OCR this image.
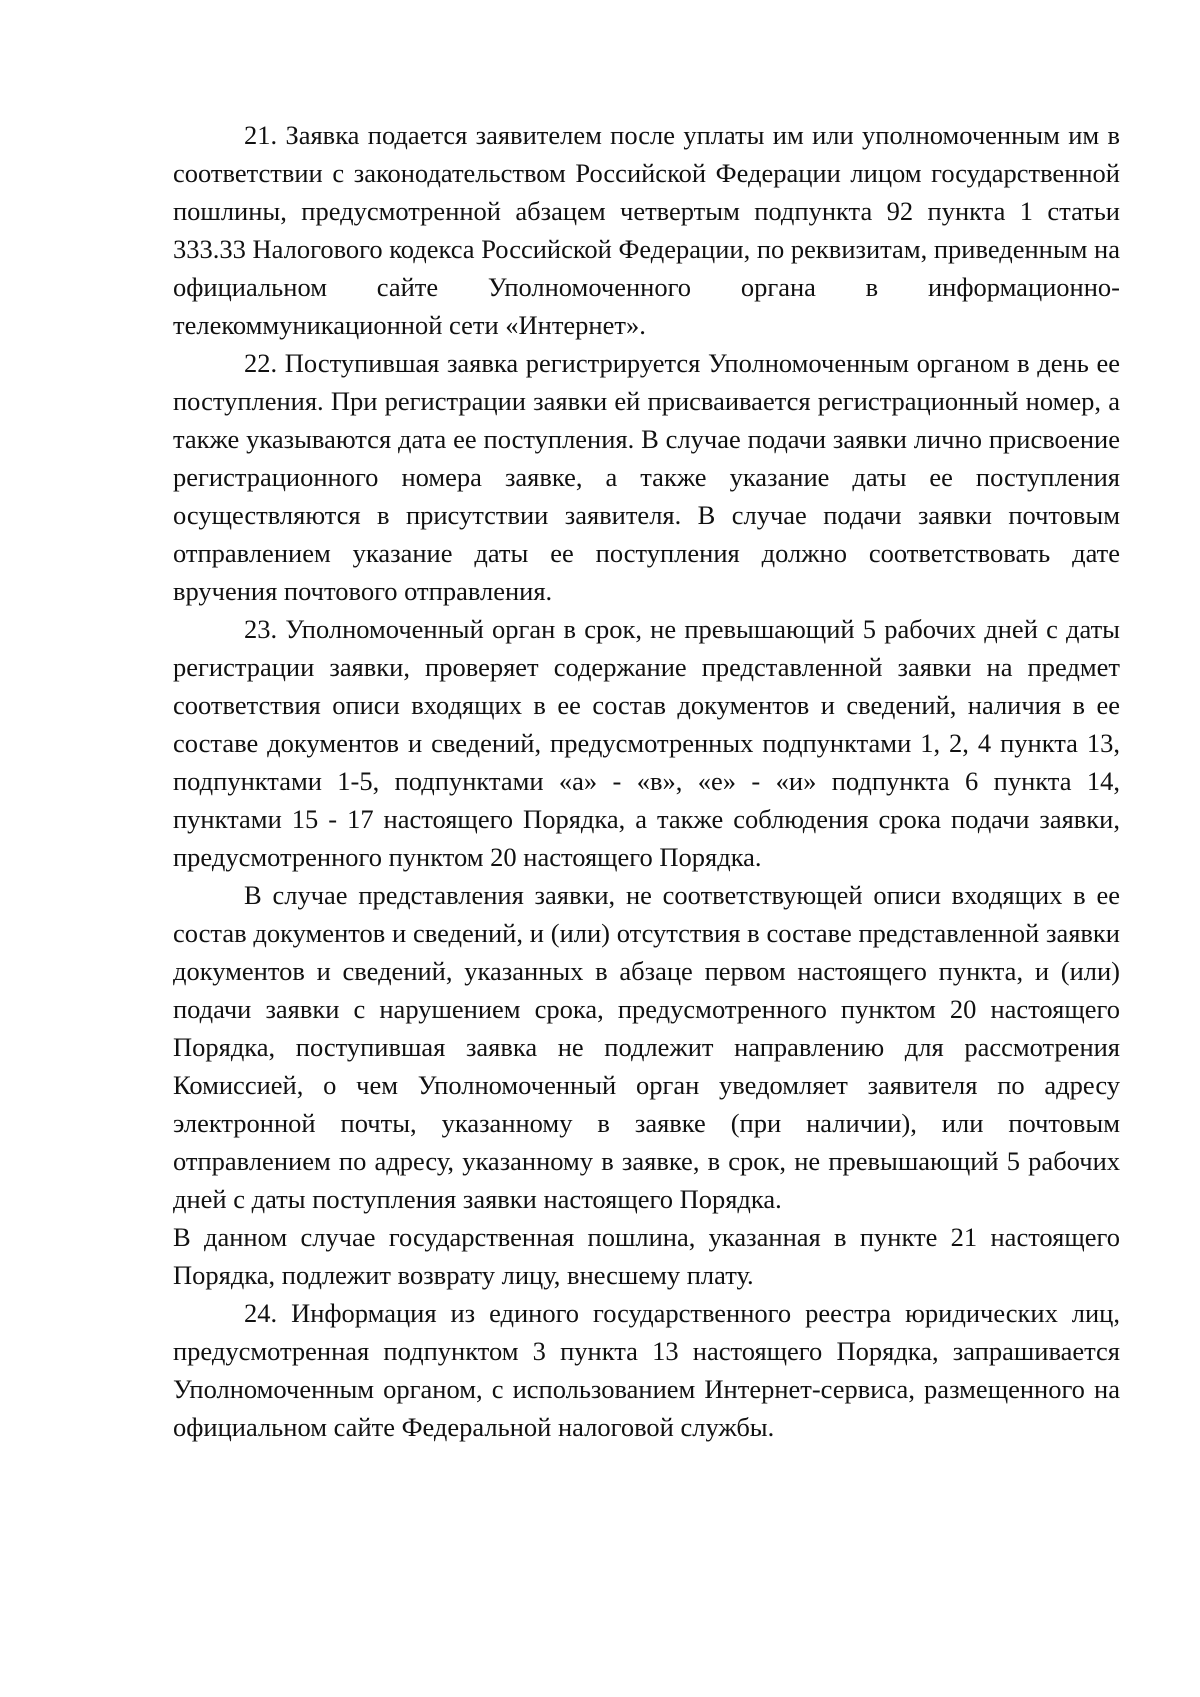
21. Заявка подается заявителем после уплаты им или уполномоченным им в соответствии с законодательством Российской Федерации лицом государственной пошлины, предусмотренной абзацем четвертым подпункта 92 пункта 1 статьи 333.33 Налогового кодекса Российской Федерации, по реквизитам, приведенным на официальном сайте Уполномоченного органа в информационно-телекоммуникационной сети «Интернет».

22. Поступившая заявка регистрируется Уполномоченным органом в день ее поступления. При регистрации заявки ей присваивается регистрационный номер, а также указываются дата ее поступления. В случае подачи заявки лично присвоение регистрационного номера заявке, а также указание даты ее поступления осуществляются в присутствии заявителя. В случае подачи заявки почтовым отправлением указание даты ее поступления должно соответствовать дате вручения почтового отправления.

23. Уполномоченный орган в срок, не превышающий 5 рабочих дней с даты регистрации заявки, проверяет содержание представленной заявки на предмет соответствия описи входящих в ее состав документов и сведений, наличия в ее составе документов и сведений, предусмотренных подпунктами 1, 2, 4 пункта 13, подпунктами 1-5, подпунктами «а» - «в», «е» - «и» подпункта 6 пункта 14, пунктами 15 - 17 настоящего Порядка, а также соблюдения срока подачи заявки, предусмотренного пунктом 20 настоящего Порядка.

В случае представления заявки, не соответствующей описи входящих в ее состав документов и сведений, и (или) отсутствия в составе представленной заявки документов и сведений, указанных в абзаце первом настоящего пункта, и (или) подачи заявки с нарушением срока, предусмотренного пунктом 20 настоящего Порядка, поступившая заявка не подлежит направлению для рассмотрения Комиссией, о чем Уполномоченный орган уведомляет заявителя по адресу электронной почты, указанному в заявке (при наличии), или почтовым отправлением по адресу, указанному в заявке, в срок, не превышающий 5 рабочих дней с даты поступления заявки настоящего Порядка.

В данном случае государственная пошлина, указанная в пункте 21 настоящего Порядка, подлежит возврату лицу, внесшему плату.

24. Информация из единого государственного реестра юридических лиц, предусмотренная подпунктом 3 пункта 13 настоящего Порядка, запрашивается Уполномоченным органом, с использованием Интернет-сервиса, размещенного на официальном сайте Федеральной налоговой службы.
